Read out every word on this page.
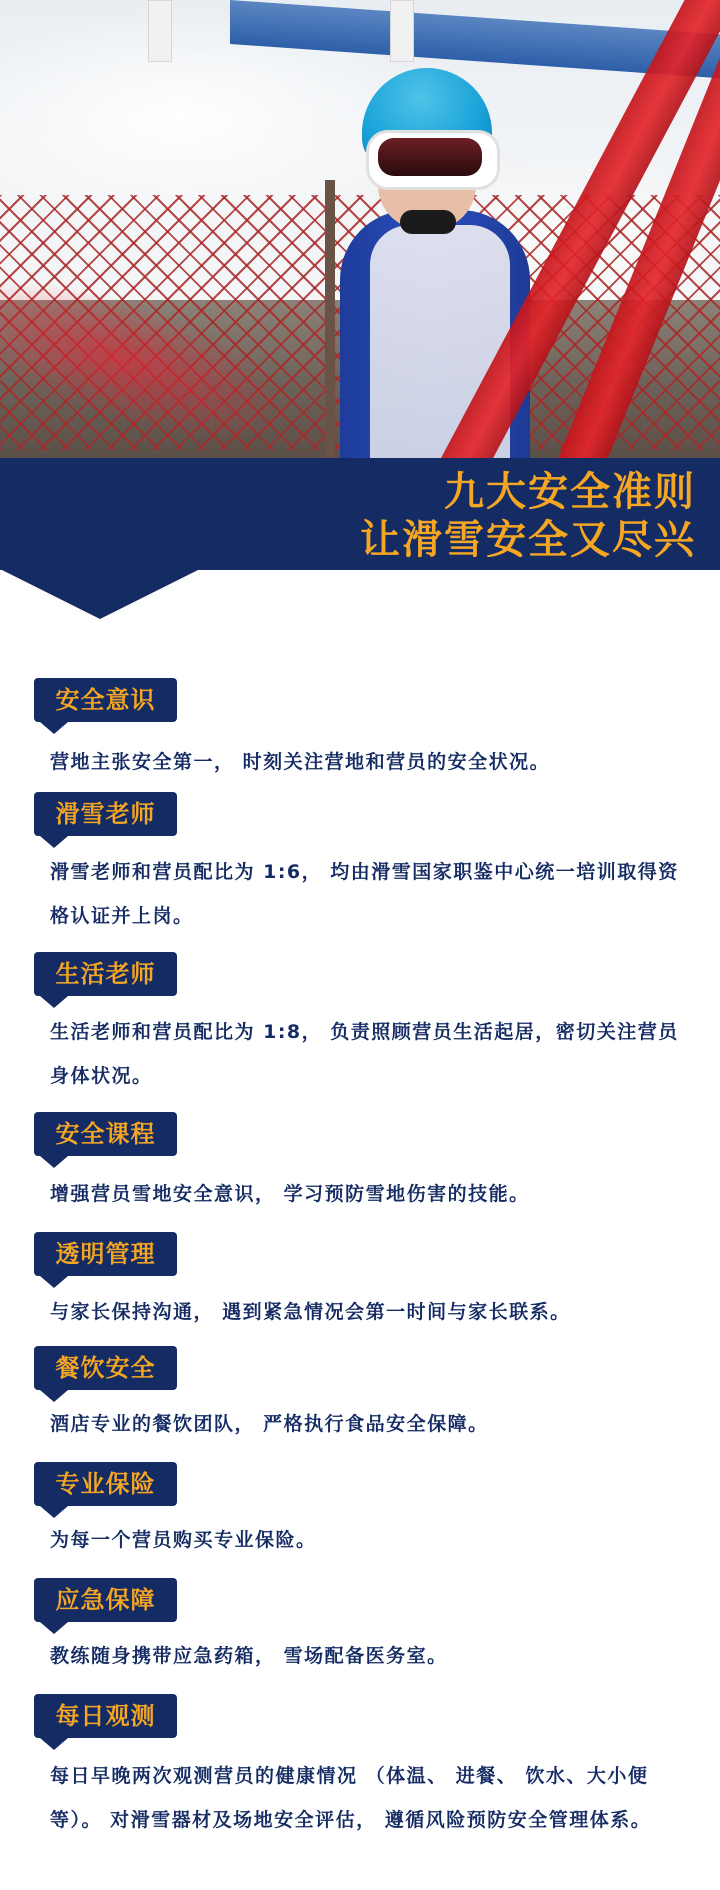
九大安全准则
让滑雪安全又尽兴
安全意识
营地主张安全第一， 时刻关注营地和营员的安全状况。
滑雪老师
滑雪老师和营员配比为 1:6， 均由滑雪国家职鉴中心统一培训取得资格认证并上岗。
生活老师
生活老师和营员配比为 1:8， 负责照顾营员生活起居，密切关注营员身体状况。
安全课程
增强营员雪地安全意识， 学习预防雪地伤害的技能。
透明管理
与家长保持沟通， 遇到紧急情况会第一时间与家长联系。
餐饮安全
酒店专业的餐饮团队， 严格执行食品安全保障。
专业保险
为每一个营员购买专业保险。
应急保障
教练随身携带应急药箱， 雪场配备医务室。
每日观测
每日早晚两次观测营员的健康情况 （体温、 进餐、 饮水、大小便等）。 对滑雪器材及场地安全评估， 遵循风险预防安全管理体系。
